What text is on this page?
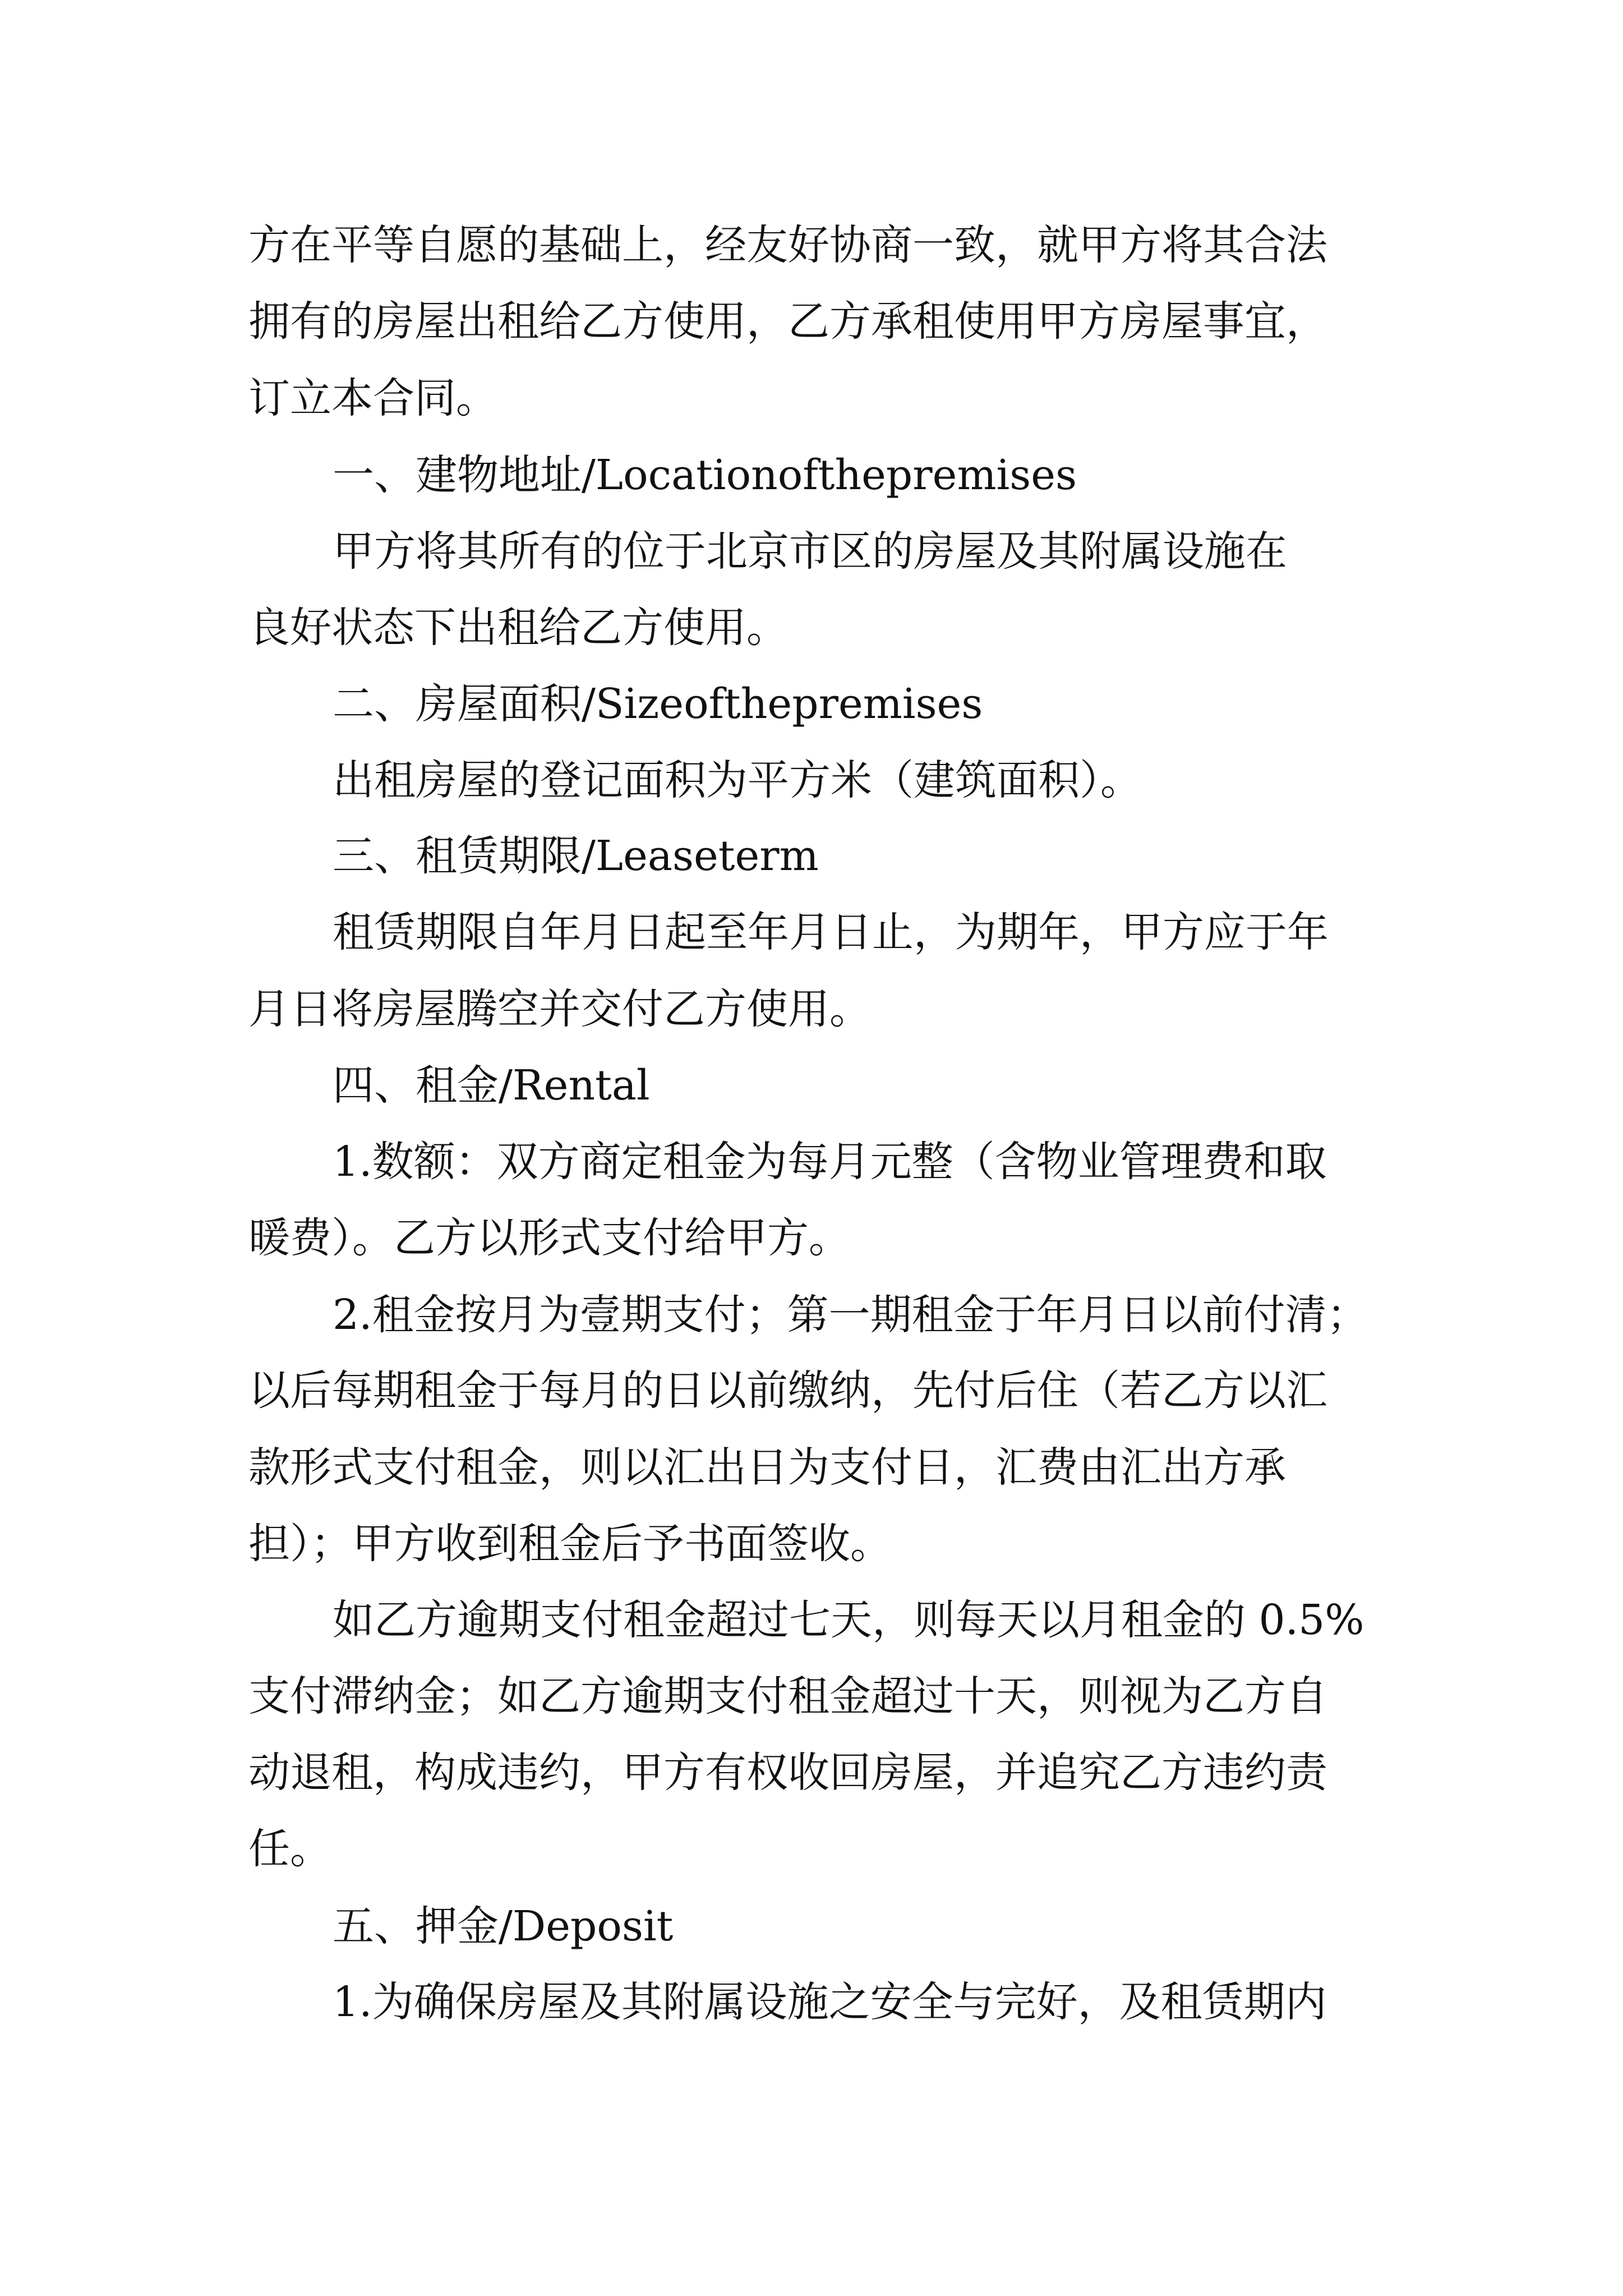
方在平等自愿的基础上，经友好协商一致，就甲方将其合法
拥有的房屋出租给乙方使用，乙方承租使用甲方房屋事宜，
订立本合同。
一、建物地址/Locationofthepremises
甲方将其所有的位于北京市区的房屋及其附属设施在
良好状态下出租给乙方使用。
二、房屋面积/Sizeofthepremises
出租房屋的登记面积为平方米（建筑面积）。
三、租赁期限/Leaseterm
租赁期限自年月日起至年月日止，为期年，甲方应于年
月日将房屋腾空并交付乙方使用。
四、租金/Rental
1.数额：双方商定租金为每月元整（含物业管理费和取
暖费）。乙方以形式支付给甲方。
2.租金按月为壹期支付；第一期租金于年月日以前付清；
以后每期租金于每月的日以前缴纳，先付后住（若乙方以汇
款形式支付租金，则以汇出日为支付日，汇费由汇出方承
担）；甲方收到租金后予书面签收。
如乙方逾期支付租金超过七天，则每天以月租金的 0.5%
支付滞纳金；如乙方逾期支付租金超过十天，则视为乙方自
动退租，构成违约，甲方有权收回房屋，并追究乙方违约责
任。
五、押金/Deposit
1.为确保房屋及其附属设施之安全与完好，及租赁期内
